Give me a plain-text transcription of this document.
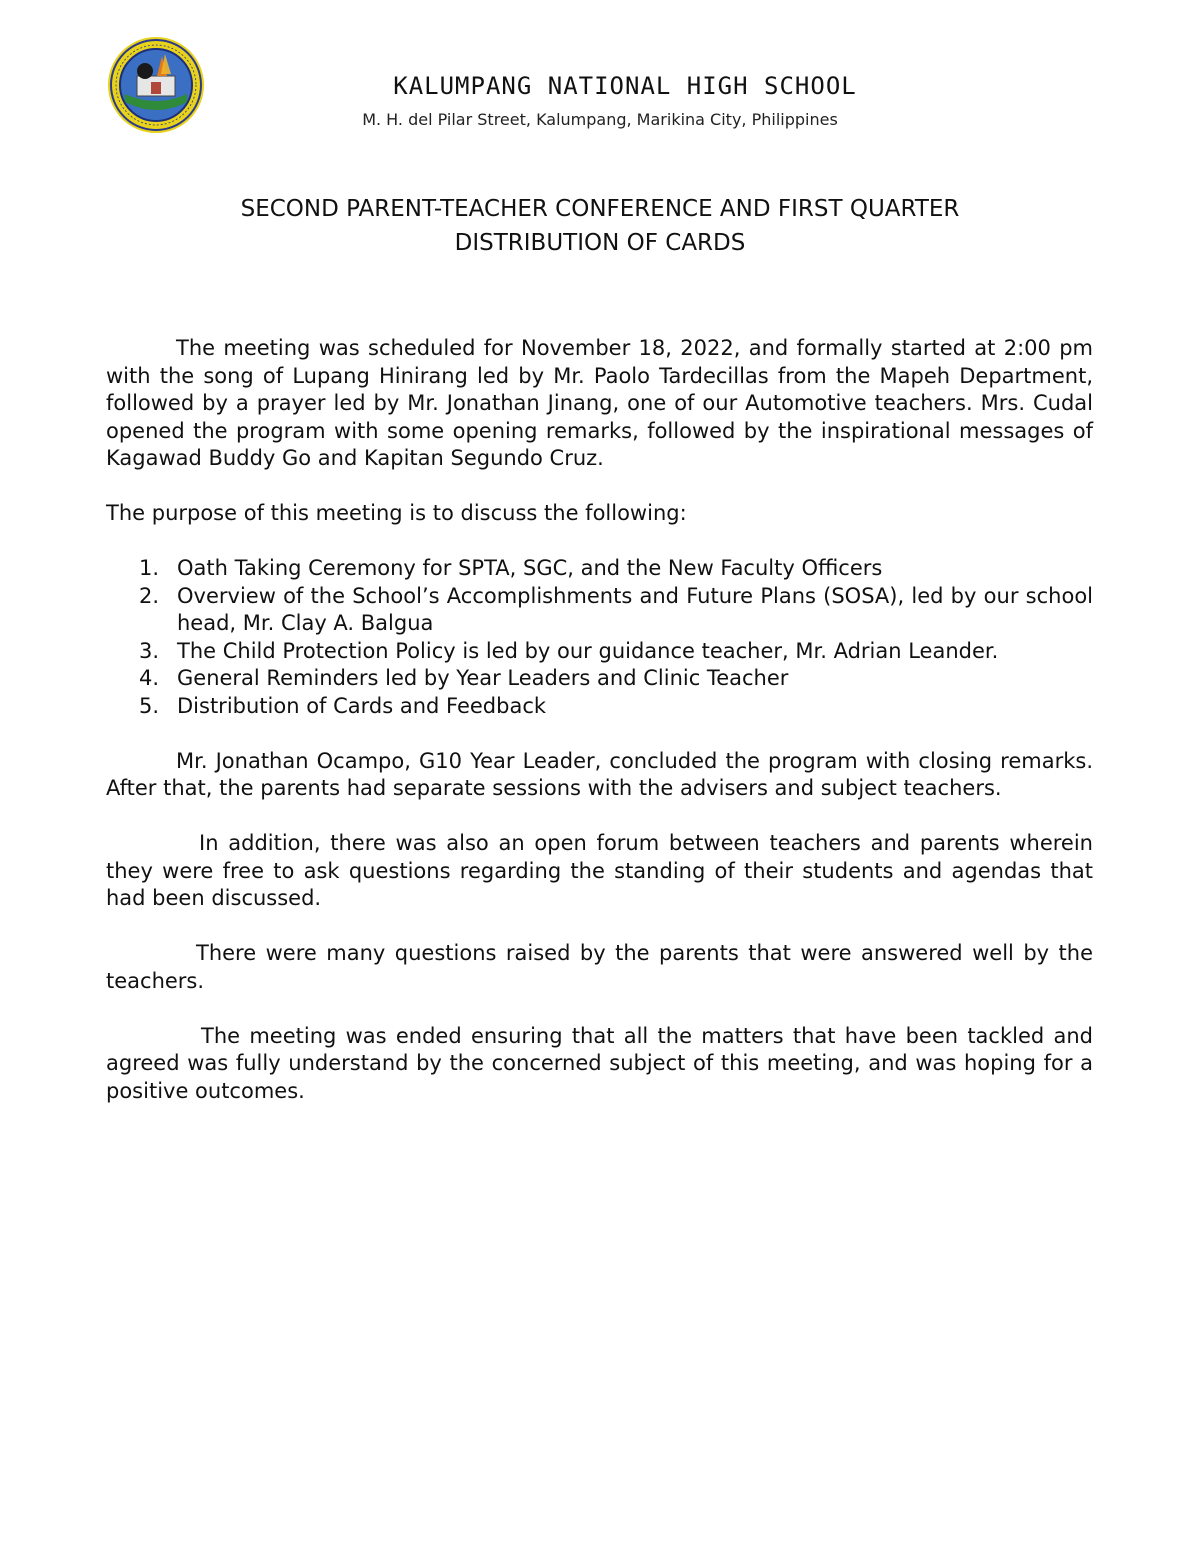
KALUMPANG NATIONAL HIGH SCHOOL
M. H. del Pilar Street, Kalumpang, Marikina City, Philippines
SECOND PARENT-TEACHER CONFERENCE AND FIRST QUARTER
DISTRIBUTION OF CARDS

The meeting was scheduled for November 18, 2022, and formally started at 2:00 pm with the song of Lupang Hinirang led by Mr. Paolo Tardecillas from the Mapeh Department, followed by a prayer led by Mr. Jonathan Jinang, one of our Automotive teachers. Mrs. Cudal opened the program with some opening remarks, followed by the inspirational messages of Kagawad Buddy Go and Kapitan Segundo Cruz.

The purpose of this meeting is to discuss the following:

1. Oath Taking Ceremony for SPTA, SGC, and the New Faculty Officers
2. Overview of the School’s Accomplishments and Future Plans (SOSA), led by our school head, Mr. Clay A. Balgua
3. The Child Protection Policy is led by our guidance teacher, Mr. Adrian Leander.
4. General Reminders led by Year Leaders and Clinic Teacher
5. Distribution of Cards and Feedback

Mr. Jonathan Ocampo, G10 Year Leader, concluded the program with closing remarks. After that, the parents had separate sessions with the advisers and subject teachers.

In addition, there was also an open forum between teachers and parents wherein they were free to ask questions regarding the standing of their students and agendas that had been discussed.

There were many questions raised by the parents that were answered well by the teachers.

The meeting was ended ensuring that all the matters that have been tackled and agreed was fully understand by the concerned subject of this meeting, and was hoping for a positive outcomes.
